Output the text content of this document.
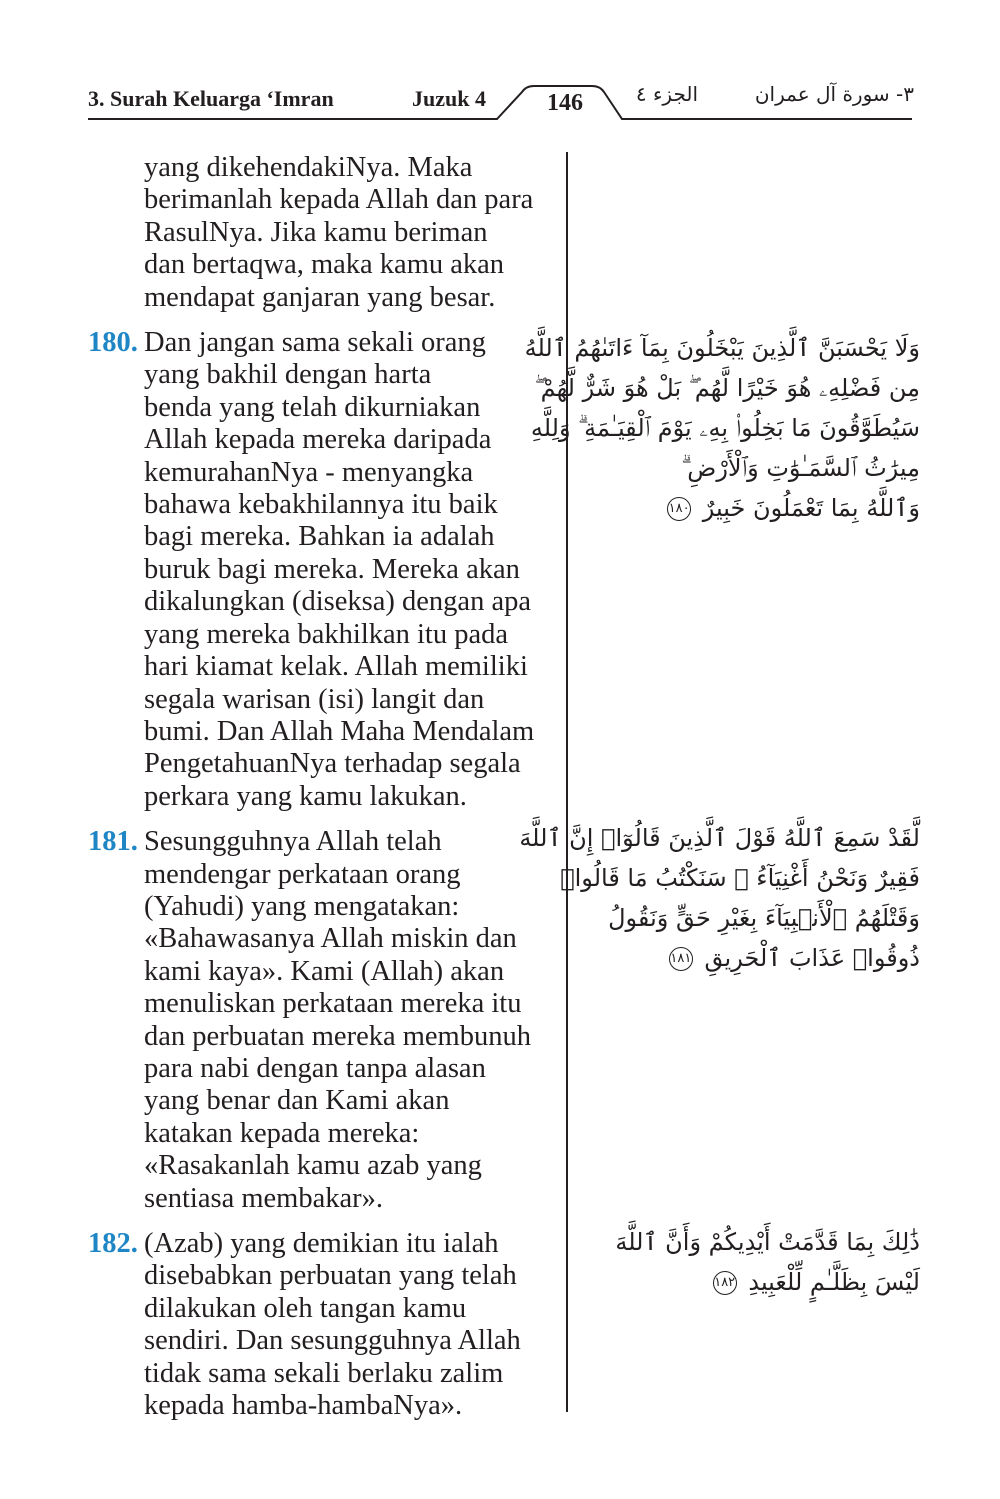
3. Surah Keluarga ‘Imran	Juzuk 4	146	الجزء ٤	٣- سورة آل عمران
yang dikehendakiNya. Maka
berimanlah kepada Allah dan para
RasulNya. Jika kamu beriman
dan bertaqwa, maka kamu akan
mendapat ganjaran yang besar.
180. Dan jangan sama sekali orang
yang bakhil dengan harta
benda yang telah dikurniakan
Allah kepada mereka daripada
kemurahanNya - menyangka
bahawa kebakhilannya itu baik
bagi mereka. Bahkan ia adalah
buruk bagi mereka. Mereka akan
dikalungkan (diseksa) dengan apa
yang mereka bakhilkan itu pada
hari kiamat kelak. Allah memiliki
segala warisan (isi) langit dan
bumi. Dan Allah Maha Mendalam
PengetahuanNya terhadap segala
perkara yang kamu lakukan.
181. Sesungguhnya Allah telah
mendengar perkataan orang
(Yahudi) yang mengatakan:
«Bahawasanya Allah miskin dan
kami kaya». Kami (Allah) akan
menuliskan perkataan mereka itu
dan perbuatan mereka membunuh
para nabi dengan tanpa alasan
yang benar dan Kami akan
katakan kepada mereka:
«Rasakanlah kamu azab yang
sentiasa membakar».
182. (Azab) yang demikian itu ialah
disebabkan perbuatan yang telah
dilakukan oleh tangan kamu
sendiri. Dan sesungguhnya Allah
tidak sama sekali berlaku zalim
kepada hamba-hambaNya».
وَلَا يَحْسَبَنَّ ٱلَّذِينَ يَبْخَلُونَ بِمَآ ءَاتَىٰهُمُ ٱللَّهُ
مِن فَضْلِهِۦ هُوَ خَيْرًا لَّهُم ۖ بَلْ هُوَ شَرٌّ لَّهُمْ ۖ
سَيُطَوَّقُونَ مَا بَخِلُوا۟ بِهِۦ يَوْمَ ٱلْقِيَـٰمَةِ ۗ وَلِلَّهِ
مِيرَٰثُ ٱلسَّمَـٰوَٰتِ وَٱلْأَرْضِ ۗ
وَٱللَّهُ بِمَا تَعْمَلُونَ خَبِيرٌ ١٨٠
لَّقَدْ سَمِعَ ٱللَّهُ قَوْلَ ٱلَّذِينَ قَالُوٓا۟ إِنَّ ٱللَّهَ
فَقِيرٌ وَنَحْنُ أَغْنِيَآءُ ۘ سَنَكْتُبُ مَا قَالُوا۟
وَقَتْلَهُمُ ٱلْأَنۢبِيَآءَ بِغَيْرِ حَقٍّ وَنَقُولُ
ذُوقُوا۟ عَذَابَ ٱلْحَرِيقِ ١٨١
ذَٰلِكَ بِمَا قَدَّمَتْ أَيْدِيكُمْ وَأَنَّ ٱللَّهَ
لَيْسَ بِظَلَّـٰمٍ لِّلْعَبِيدِ ١٨٢
